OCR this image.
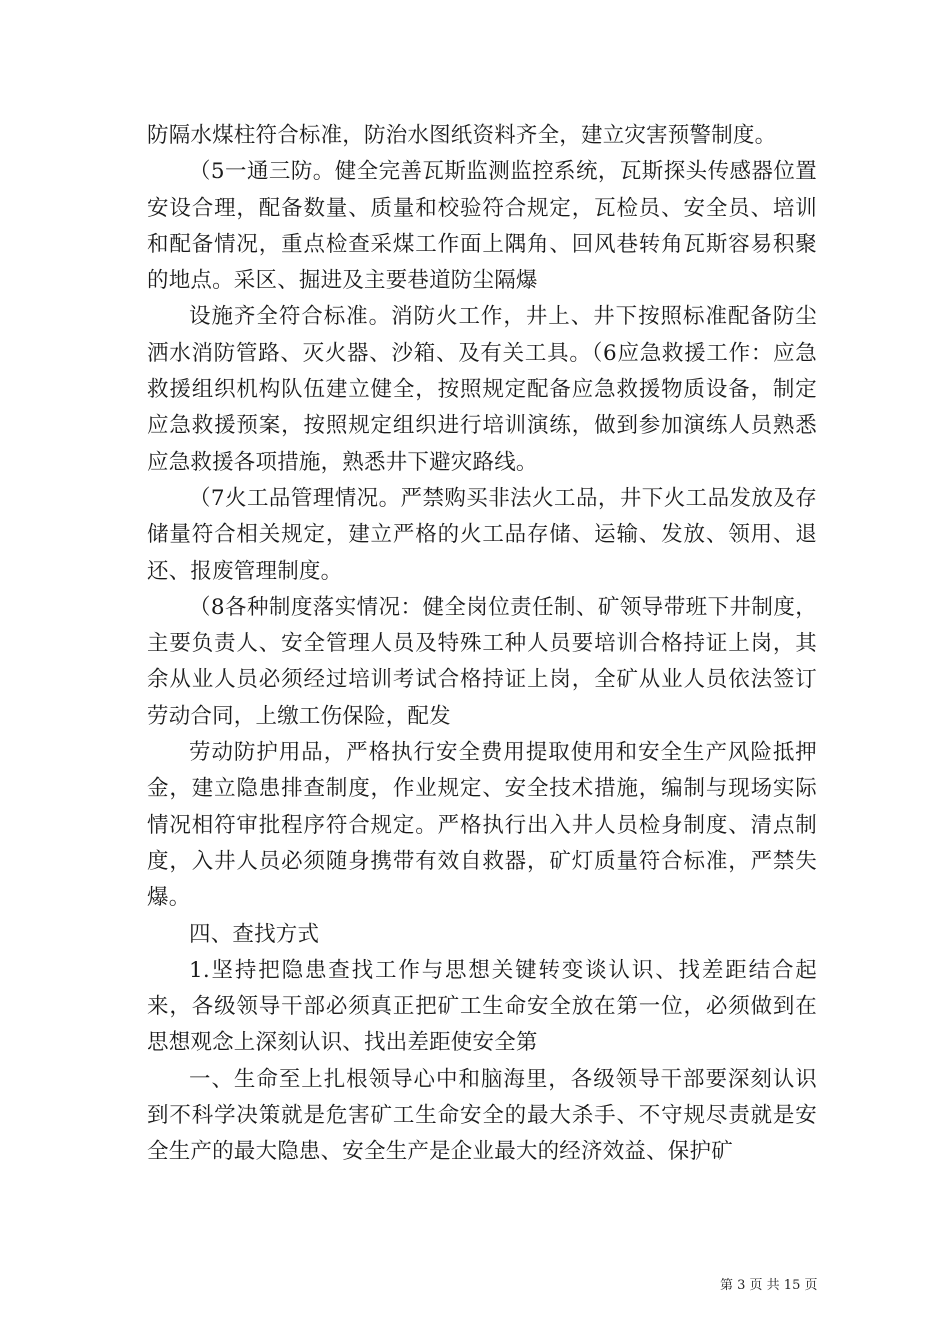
防隔水煤柱符合标准，防治水图纸资料齐全，建立灾害预警制度。

（5一通三防。健全完善瓦斯监测监控系统，瓦斯探头传感器位置安设合理，配备数量、质量和校验符合规定，瓦检员、安全员、培训和配备情况，重点检查采煤工作面上隅角、回风巷转角瓦斯容易积聚的地点。采区、掘进及主要巷道防尘隔爆

设施齐全符合标准。消防火工作，井上、井下按照标准配备防尘洒水消防管路、灭火器、沙箱、及有关工具。（6应急救援工作：应急救援组织机构队伍建立健全，按照规定配备应急救援物质设备，制定应急救援预案，按照规定组织进行培训演练，做到参加演练人员熟悉应急救援各项措施，熟悉井下避灾路线。

（7火工品管理情况。严禁购买非法火工品，井下火工品发放及存储量符合相关规定，建立严格的火工品存储、运输、发放、领用、退还、报废管理制度。

（8各种制度落实情况：健全岗位责任制、矿领导带班下井制度，主要负责人、安全管理人员及特殊工种人员要培训合格持证上岗，其余从业人员必须经过培训考试合格持证上岗，全矿从业人员依法签订劳动合同，上缴工伤保险，配发

劳动防护用品，严格执行安全费用提取使用和安全生产风险抵押金，建立隐患排查制度，作业规定、安全技术措施，编制与现场实际情况相符审批程序符合规定。严格执行出入井人员检身制度、清点制度，入井人员必须随身携带有效自救器，矿灯质量符合标准，严禁失爆。

四、查找方式

1.坚持把隐患查找工作与思想关键转变谈认识、找差距结合起来，各级领导干部必须真正把矿工生命安全放在第一位，必须做到在思想观念上深刻认识、找出差距使安全第

一、生命至上扎根领导心中和脑海里，各级领导干部要深刻认识到不科学决策就是危害矿工生命安全的最大杀手、不守规尽责就是安全生产的最大隐患、安全生产是企业最大的经济效益、保护矿

第 3 页 共 15 页
